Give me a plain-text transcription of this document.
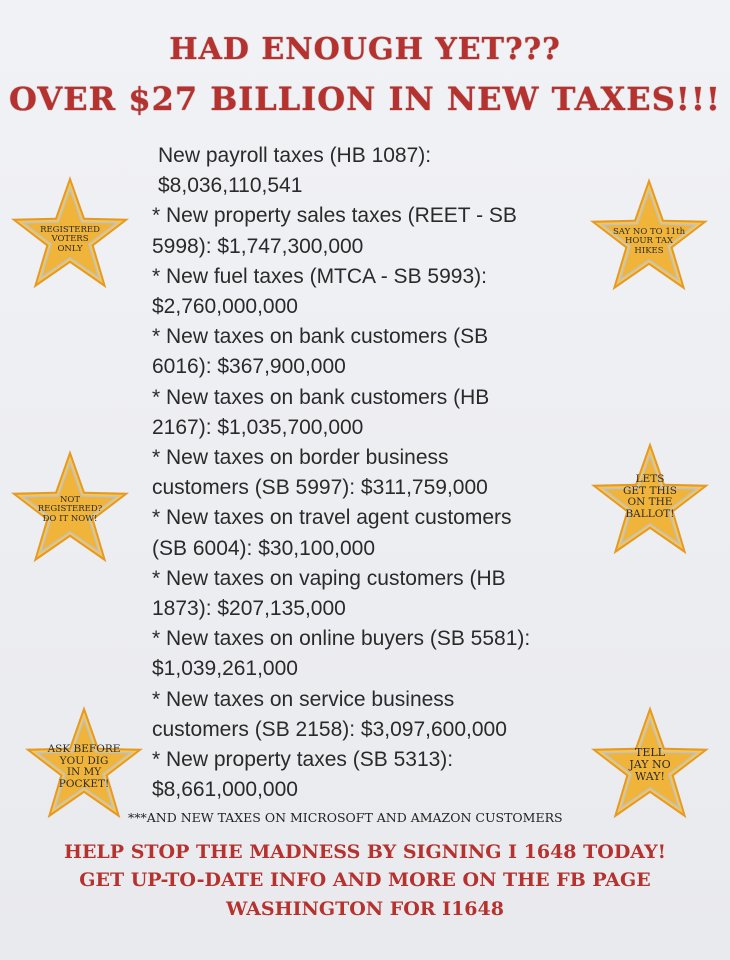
HAD ENOUGH YET???
OVER $27 BILLION IN NEW TAXES!!!
New payroll taxes (HB 1087):
$8,036,110,541
* New property sales taxes (REET - SB
5998): $1,747,300,000
* New fuel taxes (MTCA - SB 5993):
$2,760,000,000
* New taxes on bank customers (SB
6016): $367,900,000
* New taxes on bank customers (HB
2167): $1,035,700,000
* New taxes on border business
customers (SB 5997): $311,759,000
* New taxes on travel agent customers
(SB 6004): $30,100,000
* New taxes on vaping customers (HB
1873): $207,135,000
* New taxes on online buyers (SB 5581):
$1,039,261,000
* New taxes on service business
customers (SB 2158): $3,097,600,000
* New property taxes (SB 5313):
$8,661,000,000
***AND NEW TAXES ON MICROSOFT AND AMAZON CUSTOMERS
HELP STOP THE MADNESS BY SIGNING I 1648 TODAY!
GET UP-TO-DATE INFO AND MORE ON THE FB PAGE
WASHINGTON FOR I1648
REGISTERED
VOTERS
ONLY
SAY NO TO 11th
HOUR TAX
HIKES
NOT
REGISTERED?
DO IT NOW!
LETS
GET THIS
ON THE
BALLOT!
ASK BEFORE
YOU DIG
IN MY
POCKET!
TELL
JAY NO
WAY!
